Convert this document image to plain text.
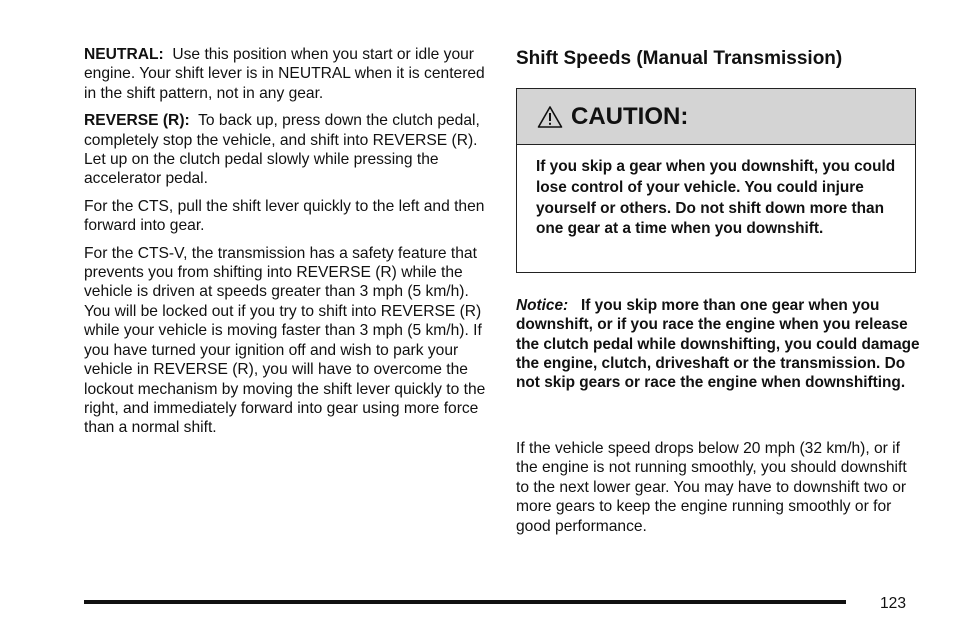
NEUTRAL: Use this position when you start or idle your engine. Your shift lever is in NEUTRAL when it is centered in the shift pattern, not in any gear.

REVERSE (R): To back up, press down the clutch pedal, completely stop the vehicle, and shift into REVERSE (R). Let up on the clutch pedal slowly while pressing the accelerator pedal.

For the CTS, pull the shift lever quickly to the left and then forward into gear.

For the CTS-V, the transmission has a safety feature that prevents you from shifting into REVERSE (R) while the vehicle is driven at speeds greater than 3 mph (5 km/h). You will be locked out if you try to shift into REVERSE (R) while your vehicle is moving faster than 3 mph (5 km/h). If you have turned your ignition off and wish to park your vehicle in REVERSE (R), you will have to overcome the lockout mechanism by moving the shift lever quickly to the right, and immediately forward into gear using more force than a normal shift.

Shift Speeds (Manual Transmission)
CAUTION:

If you skip a gear when you downshift, you could lose control of your vehicle. You could injure yourself or others. Do not shift down more than one gear at a time when you downshift.

Notice: If you skip more than one gear when you downshift, or if you race the engine when you release the clutch pedal while downshifting, you could damage the engine, clutch, driveshaft or the transmission. Do not skip gears or race the engine when downshifting.

If the vehicle speed drops below 20 mph (32 km/h), or if the engine is not running smoothly, you should downshift to the next lower gear. You may have to downshift two or more gears to keep the engine running smoothly or for good performance.

123
